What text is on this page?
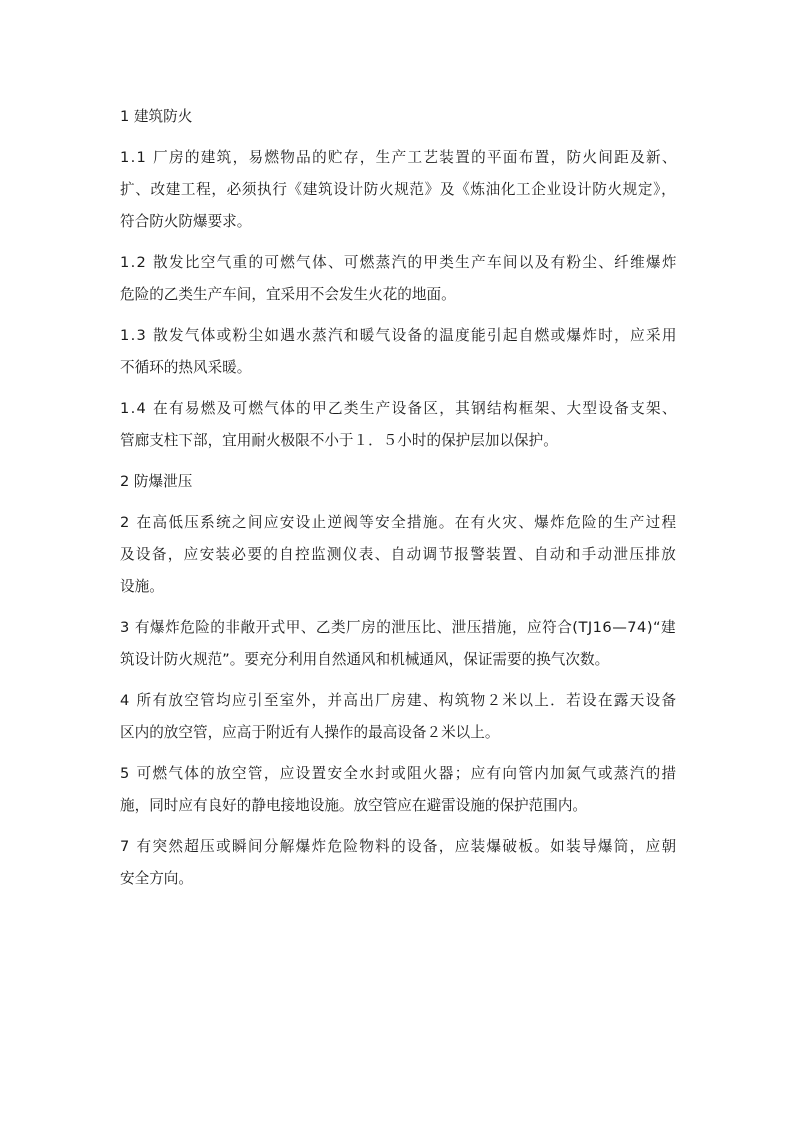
1 建筑防火
1.1 厂房的建筑，易燃物品的贮存，生产工艺装置的平面布置，防火间距及新、
扩、改建工程，必须执行《建筑设计防火规范》及《炼油化工企业设计防火规定》，
符合防火防爆要求。
1.2 散发比空气重的可燃气体、可燃蒸汽的甲类生产车间以及有粉尘、纤维爆炸
危险的乙类生产车间，宜采用不会发生火花的地面。
1.3 散发气体或粉尘如遇水蒸汽和暖气设备的温度能引起自燃或爆炸时，应采用
不循环的热风采暖。
1.4 在有易燃及可燃气体的甲乙类生产设备区，其钢结构框架、大型设备支架、
管廊支柱下部，宜用耐火极限不小于１．５小时的保护层加以保护。
2 防爆泄压
2 在高低压系统之间应安设止逆阀等安全措施。在有火灾、爆炸危险的生产过程
及设备，应安装必要的自控监测仪表、自动调节报警装置、自动和手动泄压排放
设施。
3 有爆炸危险的非敞开式甲、乙类厂房的泄压比、泄压措施，应符合(TJ16—74)“建
筑设计防火规范”。要充分利用自然通风和机械通风，保证需要的换气次数。
4 所有放空管均应引至室外，并高出厂房建、构筑物２米以上．若设在露天设备
区内的放空管，应高于附近有人操作的最高设备２米以上。
5 可燃气体的放空管，应设置安全水封或阻火器；应有向管内加氮气或蒸汽的措
施，同时应有良好的静电接地设施。放空管应在避雷设施的保护范围内。
7 有突然超压或瞬间分解爆炸危险物料的设备，应装爆破板。如装导爆筒，应朝
安全方向。
